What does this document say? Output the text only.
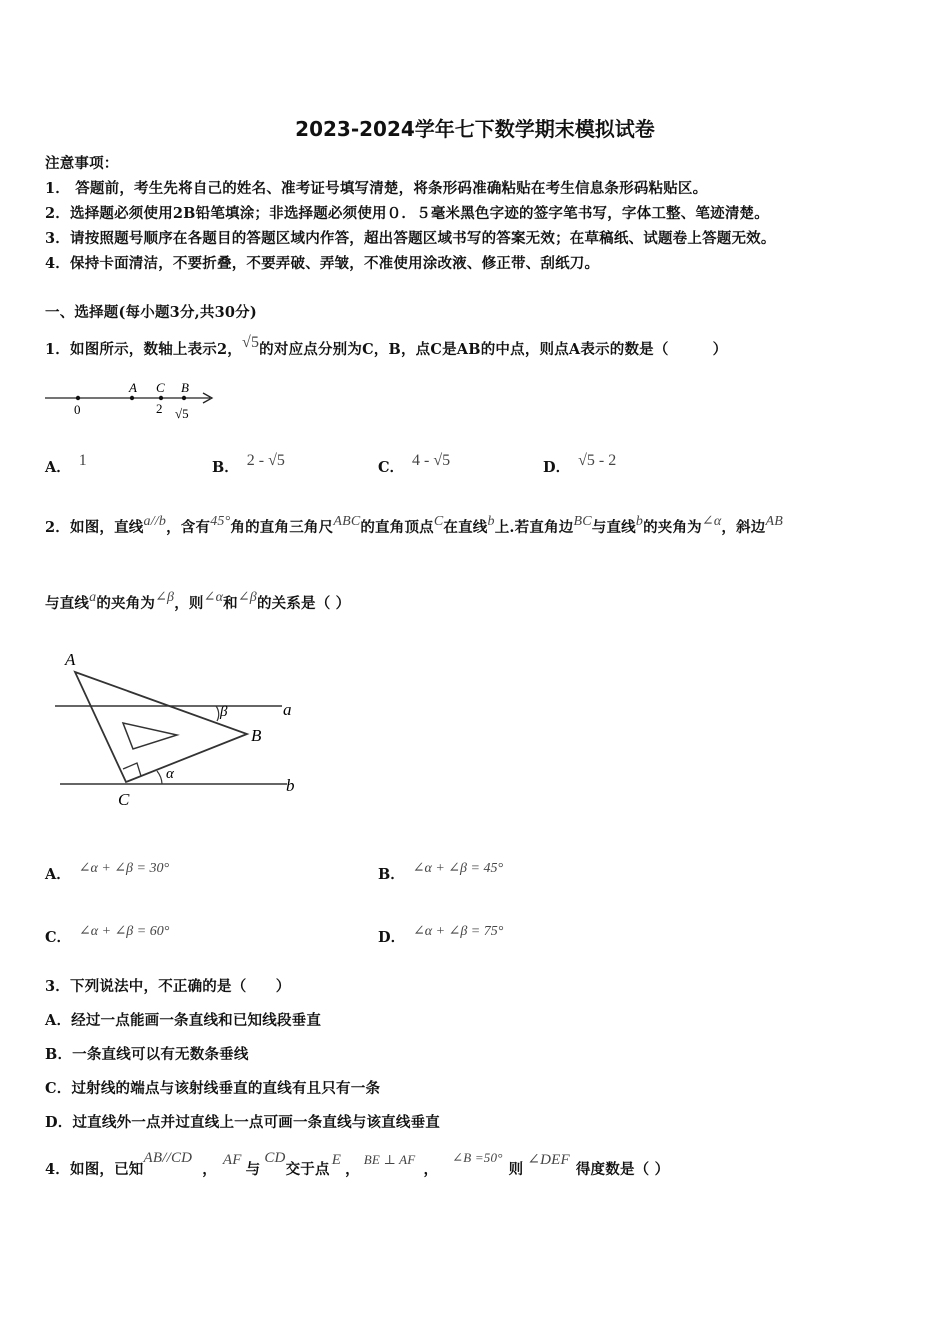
2023-2024学年七下数学期末模拟试卷
注意事项：
1． 答题前，考生先将自己的姓名、准考证号填写清楚，将条形码准确粘贴在考生信息条形码粘贴区。
2．选择题必须使用2B铅笔填涂；非选择题必须使用０．５毫米黑色字迹的签字笔书写，字体工整、笔迹清楚。
3．请按照题号顺序在各题目的答题区域内作答，超出答题区域书写的答案无效；在草稿纸、试题卷上答题无效。
4．保持卡面清洁，不要折叠，不要弄破、弄皱，不准使用涂改液、修正带、刮纸刀。
一、选择题(每小题3分,共30分)
1．如图所示，数轴上表示2，√5的对应点分别为C，B，点C是AB的中点，则点A表示的数是（　　　）
A C B
0	2 √5
A． 1	B． 2 - √5	C． 4 - √5	D． √5 - 2
2．如图，直线a//b，含有45°角的直角三角尺ABC的直角顶点C在直线b上.若直角边BC与直线b的夹角为∠α，斜边AB
与直线a的夹角为∠β，则∠α和∠β的关系是（ ）
A
B
C
a
b
β
α
A． ∠α + ∠β = 30°	B． ∠α + ∠β = 45°
C． ∠α + ∠β = 60°	D． ∠α + ∠β = 75°
3．下列说法中，不正确的是（　　）
A．经过一点能画一条直线和已知线段垂直
B．一条直线可以有无数条垂线
C．过射线的端点与该射线垂直的直线有且只有一条
D．过直线外一点并过直线上一点可画一条直线与该直线垂直
4．如图，已知AB//CD，AF与CD交于点E，BE ⊥ AF，∠B =50°则∠DEF得度数是（ ）
